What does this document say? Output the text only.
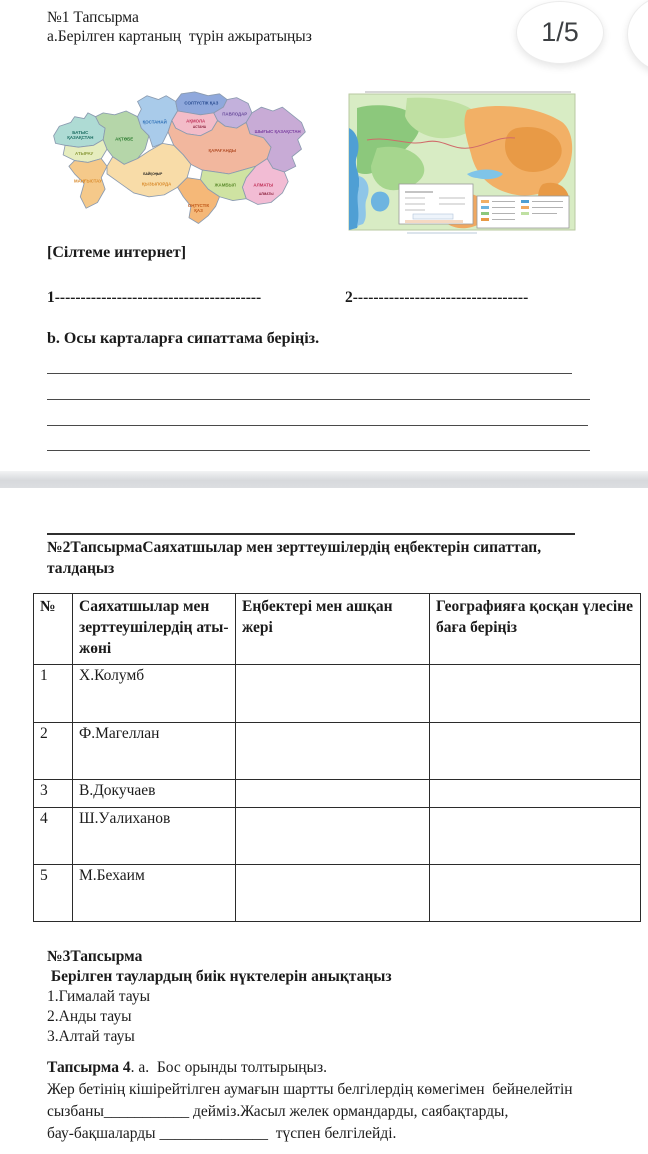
№1 Тапсырма
а.Берілген картаның  түрін ажыратыңыз	1/5
БАТЫС
ҚАЗАҚСТАН
АТЫРАУ
МАҢҒЫСТАУ
АҚТӨБЕ
ҚОСТАНАЙ
СОЛТҮСТІК ҚАЗ
АҚМОЛА
АСТАНА
ПАВЛОДАР
ШЫҒЫС ҚАЗАҚСТАН
ҚАРАҒАНДЫ
БАЙҚОҢЫР
ҚЫЗЫЛОРДА	ЖАМБЫЛ	АЛМАТЫ
АЛМАТЫ
ОҢТҮСТІК
ҚАЗ
[Сілтеме интернет]
1----------------------------------------	2----------------------------------
b. Осы карталарға сипаттама беріңіз.
№2ТапсырмаСаяхатшылар мен зерттеушілердің еңбектерін сипаттап,
талдаңыз
№	Саяхатшылар мен зерттеушілердің аты-жөні	Еңбектері мен ашқан жері	Географияға қосқан үлесіне баға беріңіз
1	Х.Колумб		
2	Ф.Магеллан		
3	В.Докучаев		
4	Ш.Уалиханов		
5	М.Бехаим		
№3Тапсырма
Берілген таулардың биік нүктелерін анықтаңыз
1.Гималай тауы
2.Анды тауы
3.Алтай тауы
Тапсырма 4. а.  Бос орынды толтырыңыз.
Жер бетінің кішірейтілген аумағын шартты белгілердің көмегімен  бейнелейтін
сызбаны___________ дейміз.Жасыл желек ормандарды, саябақтарды,
бау-бақшаларды ______________  түспен белгілейді.
